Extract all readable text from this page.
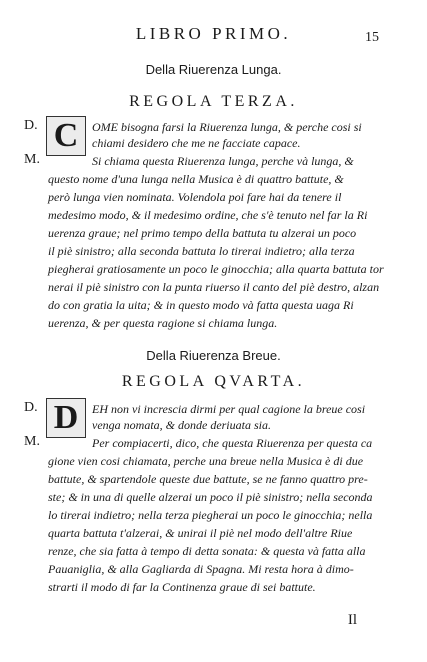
LIBRO PRIMO.	15
Della Riuerenza Lunga.
REGOLA TERZA.
D.
M.
C OME bisogna farsi la Riuerenza lunga, & perche cosi si
chiami desidero che me ne facciate capace.
Si chiama questa Riuerenza lunga, perche và lunga, &
questo nome d'una lunga nella Musica è di quattro battute, &
però lunga vien nominata. Volendola poi fare hai da tenere il
medesimo modo, & il medesimo ordine, che s'è tenuto nel far la Ri
uerenza graue; nel primo tempo della battuta tu alzerai un poco
il piè sinistro; alla seconda battuta lo tirerai indietro; alla terza
piegherai gratiosamente un poco le ginocchia; alla quarta battuta tor
nerai il piè sinistro con la punta riuerso il canto del piè destro, alzan
do con gratia la uita; & in questo modo và fatta questa uaga Ri
uerenza, & per questa ragione si chiama lunga.
Della Riuerenza Breue.
REGOLA QVARTA.
D.
M.
D EH non vi increscia dirmi per qual cagione la breue cosi
venga nomata, & donde deriuata sia.
Per compiacerti, dico, che questa Riuerenza per questa ca
gione vien cosi chiamata, perche una breue nella Musica è di due
battute, & spartendole queste due battute, se ne fanno quattro pre-
ste; & in una di quelle alzerai un poco il piè sinistro; nella seconda
lo tirerai indietro; nella terza piegherai un poco le ginocchia; nella
quarta battuta t'alzerai, & unirai il piè nel modo dell'altre Riue
renze, che sia fatta à tempo di detta sonata: & questa và fatta alla
Pauaniglia, & alla Gagliarda di Spagna. Mi resta hora à dimo-
strarti il modo di far la Continenza graue di sei battute.
Il
